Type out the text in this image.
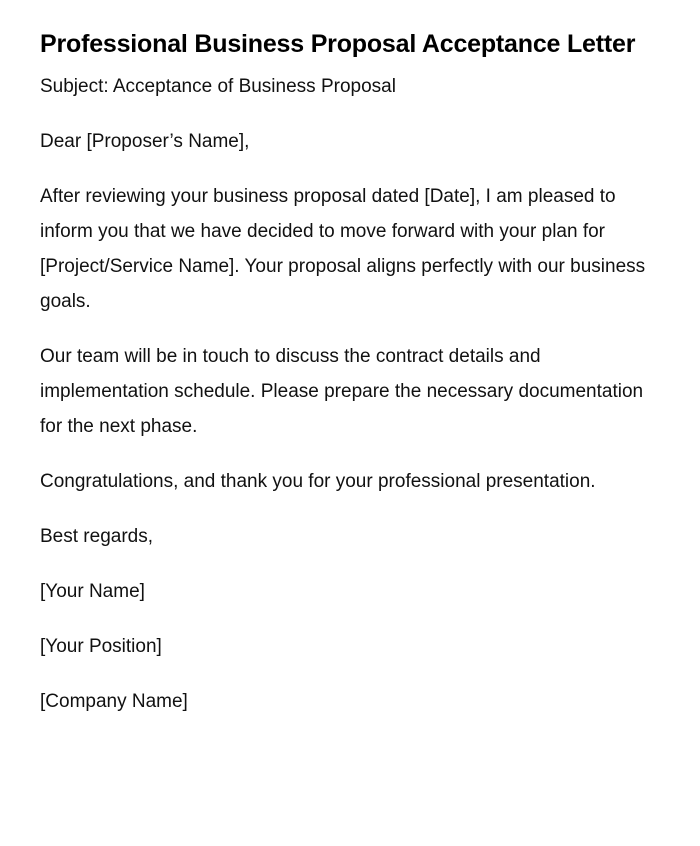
Professional Business Proposal Acceptance Letter

Subject: Acceptance of Business Proposal

Dear [Proposer’s Name],

After reviewing your business proposal dated [Date], I am pleased to inform you that we have decided to move forward with your plan for [Project/Service Name]. Your proposal aligns perfectly with our business goals.

Our team will be in touch to discuss the contract details and implementation schedule. Please prepare the necessary documentation for the next phase.

Congratulations, and thank you for your professional presentation.

Best regards,

[Your Name]

[Your Position]

[Company Name]
